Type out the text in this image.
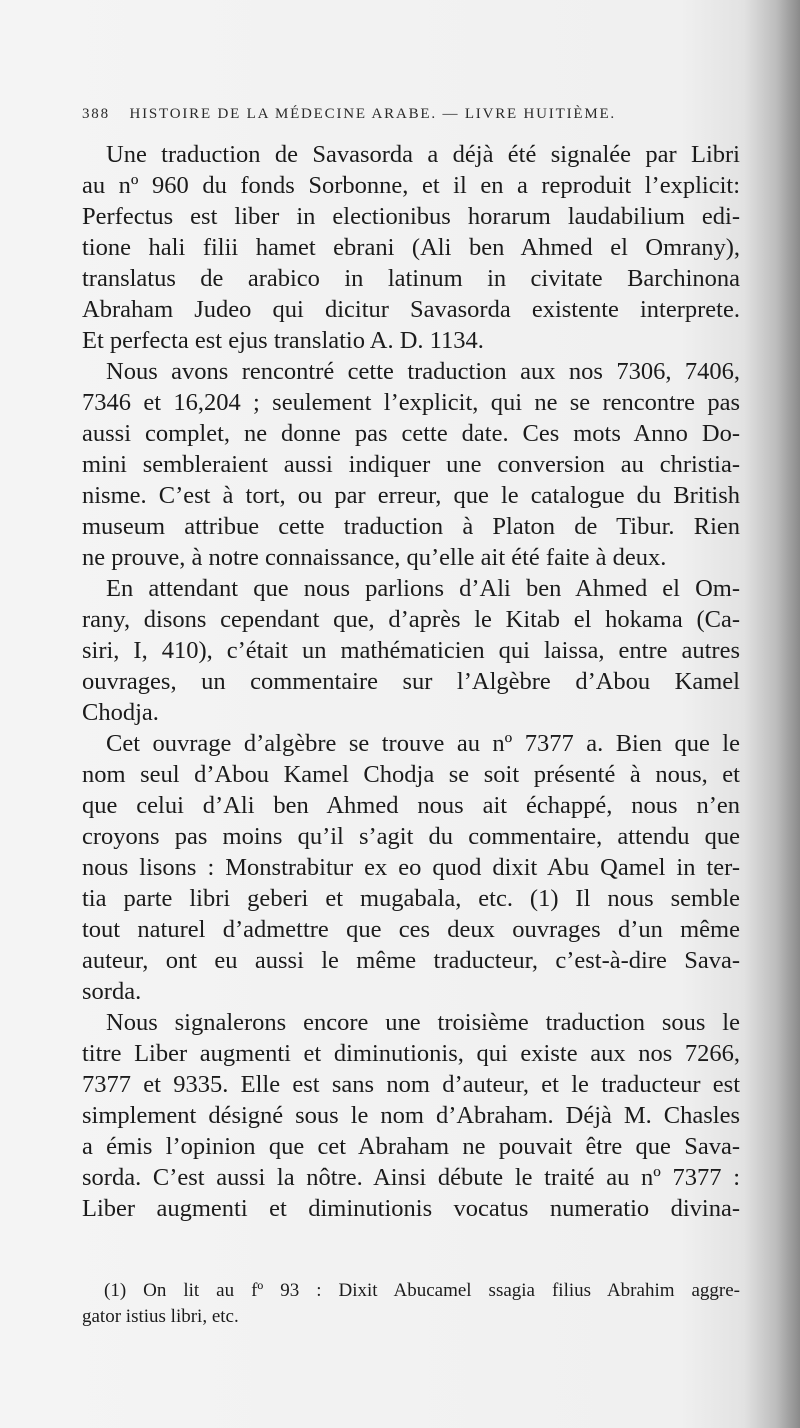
388 HISTOIRE DE LA MÉDECINE ARABE. — LIVRE HUITIÈME.
Une traduction de Savasorda a déjà été signalée par Libri
au nº 960 du fonds Sorbonne, et il en a reproduit l’explicit:
Perfectus est liber in electionibus horarum laudabilium edi-
tione hali filii hamet ebrani (Ali ben Ahmed el Omrany),
translatus de arabico in latinum in civitate Barchinona
Abraham Judeo qui dicitur Savasorda existente interprete.
Et perfecta est ejus translatio A. D. 1134.
Nous avons rencontré cette traduction aux nos 7306, 7406,
7346 et 16,204 ; seulement l’explicit, qui ne se rencontre pas
aussi complet, ne donne pas cette date. Ces mots Anno Do-
mini sembleraient aussi indiquer une conversion au christia-
nisme. C’est à tort, ou par erreur, que le catalogue du British
museum attribue cette traduction à Platon de Tibur. Rien
ne prouve, à notre connaissance, qu’elle ait été faite à deux.
En attendant que nous parlions d’Ali ben Ahmed el Om-
rany, disons cependant que, d’après le Kitab el hokama (Ca-
siri, I, 410), c’était un mathématicien qui laissa, entre autres
ouvrages, un commentaire sur l’Algèbre d’Abou Kamel
Chodja.
Cet ouvrage d’algèbre se trouve au nº 7377 a. Bien que le
nom seul d’Abou Kamel Chodja se soit présenté à nous, et
que celui d’Ali ben Ahmed nous ait échappé, nous n’en
croyons pas moins qu’il s’agit du commentaire, attendu que
nous lisons : Monstrabitur ex eo quod dixit Abu Qamel in ter-
tia parte libri geberi et mugabala, etc. (1) Il nous semble
tout naturel d’admettre que ces deux ouvrages d’un même
auteur, ont eu aussi le même traducteur, c’est-à-dire Sava-
sorda.
Nous signalerons encore une troisième traduction sous le
titre Liber augmenti et diminutionis, qui existe aux nos 7266,
7377 et 9335. Elle est sans nom d’auteur, et le traducteur est
simplement désigné sous le nom d’Abraham. Déjà M. Chasles
a émis l’opinion que cet Abraham ne pouvait être que Sava-
sorda. C’est aussi la nôtre. Ainsi débute le traité au nº 7377 :
Liber augmenti et diminutionis vocatus numeratio divina-
(1) On lit au fº 93 : Dixit Abucamel ssagia filius Abrahim aggre-
gator istius libri, etc.
